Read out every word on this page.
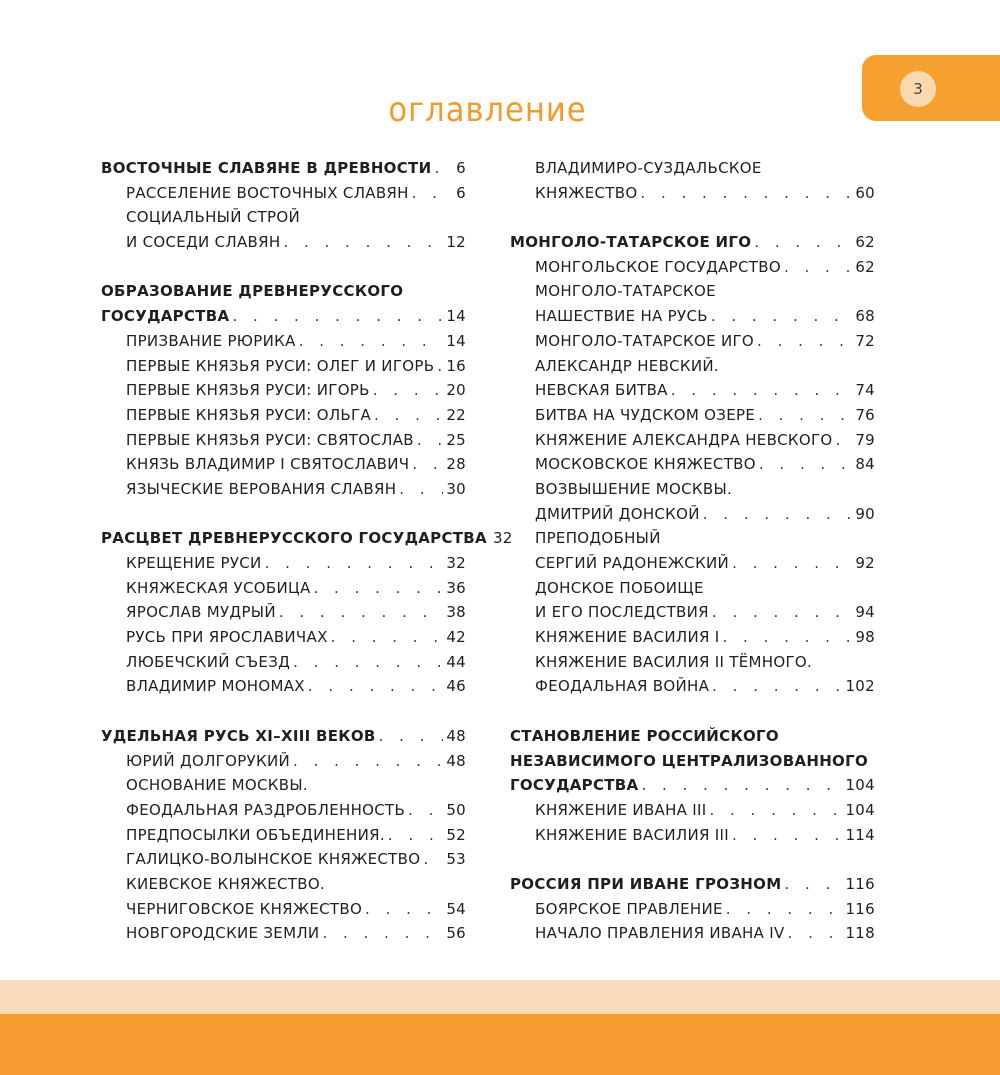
3
оглавление
ВОСТОЧНЫЕ СЛАВЯНЕ В ДРЕВНОСТИ . . . 6
РАССЕЛЕНИЕ ВОСТОЧНЫХ СЛАВЯН . . .	6
СОЦИАЛЬНЫЙ СТРОЙ
И СОСЕДИ СЛАВЯН . . .	12
ОБРАЗОВАНИЕ ДРЕВНЕРУССКОГО
ГОСУДАРСТВА . . .	14
ПРИЗВАНИЕ РЮРИКА . . .	14
ПЕРВЫЕ КНЯЗЬЯ РУСИ: ОЛЕГ И ИГОРЬ . . . 16
ПЕРВЫЕ КНЯЗЬЯ РУСИ: ИГОРЬ . . .	20
ПЕРВЫЕ КНЯЗЬЯ РУСИ: ОЛЬГА . . .	22
ПЕРВЫЕ КНЯЗЬЯ РУСИ: СВЯТОСЛАВ . . . 25
КНЯЗЬ ВЛАДИМИР I СВЯТОСЛАВИЧ . . . 28
ЯЗЫЧЕСКИЕ ВЕРОВАНИЯ СЛАВЯН . . .	30
РАСЦВЕТ ДРЕВНЕРУССКОГО ГОСУДАРСТВА 32
КРЕЩЕНИЕ РУСИ . . .	32
КНЯЖЕСКАЯ УСОБИЦА . . .	36
ЯРОСЛАВ МУДРЫЙ . . .	38
РУСЬ ПРИ ЯРОСЛАВИЧАХ . . .	42
ЛЮБЕЧСКИЙ СЪЕЗД . . .	44
ВЛАДИМИР МОНОМАХ . . .	46
УДЕЛЬНАЯ РУСЬ XI–XIII ВЕКОВ . . .	48
ЮРИЙ ДОЛГОРУКИЙ . . .	48
ОСНОВАНИЕ МОСКВЫ.
ФЕОДАЛЬНАЯ РАЗДРОБЛЕННОСТЬ . . .	50
ПРЕДПОСЫЛКИ ОБЪЕДИНЕНИЯ. . . .	52
ГАЛИЦКО-ВОЛЫНСКОЕ КНЯЖЕСТВО . . . 53
КИЕВСКОЕ КНЯЖЕСТВО.
ЧЕРНИГОВСКОЕ КНЯЖЕСТВО . . .	54
НОВГОРОДСКИЕ ЗЕМЛИ . . .	56
ВЛАДИМИРО-СУЗДАЛЬСКОЕ
КНЯЖЕСТВО . . .	60
МОНГОЛО-ТАТАРСКОЕ ИГО . . .	62
МОНГОЛЬСКОЕ ГОСУДАРСТВО . . .	62
МОНГОЛО-ТАТАРСКОЕ
НАШЕСТВИЕ НА РУСЬ . . .	68
МОНГОЛО-ТАТАРСКОЕ ИГО . . .	72
АЛЕКСАНДР НЕВСКИЙ.
НЕВСКАЯ БИТВА . . .	74
БИТВА НА ЧУДСКОМ ОЗЕРЕ . . .	76
КНЯЖЕНИЕ АЛЕКСАНДРА НЕВСКОГО . . . 79
МОСКОВСКОЕ КНЯЖЕСТВО . . .	84
ВОЗВЫШЕНИЕ МОСКВЫ.
ДМИТРИЙ ДОНСКОЙ . . .	90
ПРЕПОДОБНЫЙ
СЕРГИЙ РАДОНЕЖСКИЙ . . .	92
ДОНСКОЕ ПОБОИЩЕ
И ЕГО ПОСЛЕДСТВИЯ . . .	94
КНЯЖЕНИЕ ВАСИЛИЯ I . . .	98
КНЯЖЕНИЕ ВАСИЛИЯ II ТЁМНОГО.
ФЕОДАЛЬНАЯ ВОЙНА . . .	102
СТАНОВЛЕНИЕ РОССИЙСКОГО
НЕЗАВИСИМОГО ЦЕНТРАЛИЗОВАННОГО
ГОСУДАРСТВА . . .	104
КНЯЖЕНИЕ ИВАНА III . . .	104
КНЯЖЕНИЕ ВАСИЛИЯ III . . .	114
РОССИЯ ПРИ ИВАНЕ ГРОЗНОМ . . .	116
БОЯРСКОЕ ПРАВЛЕНИЕ . . .	116
НАЧАЛО ПРАВЛЕНИЯ ИВАНА IV . . .	118
